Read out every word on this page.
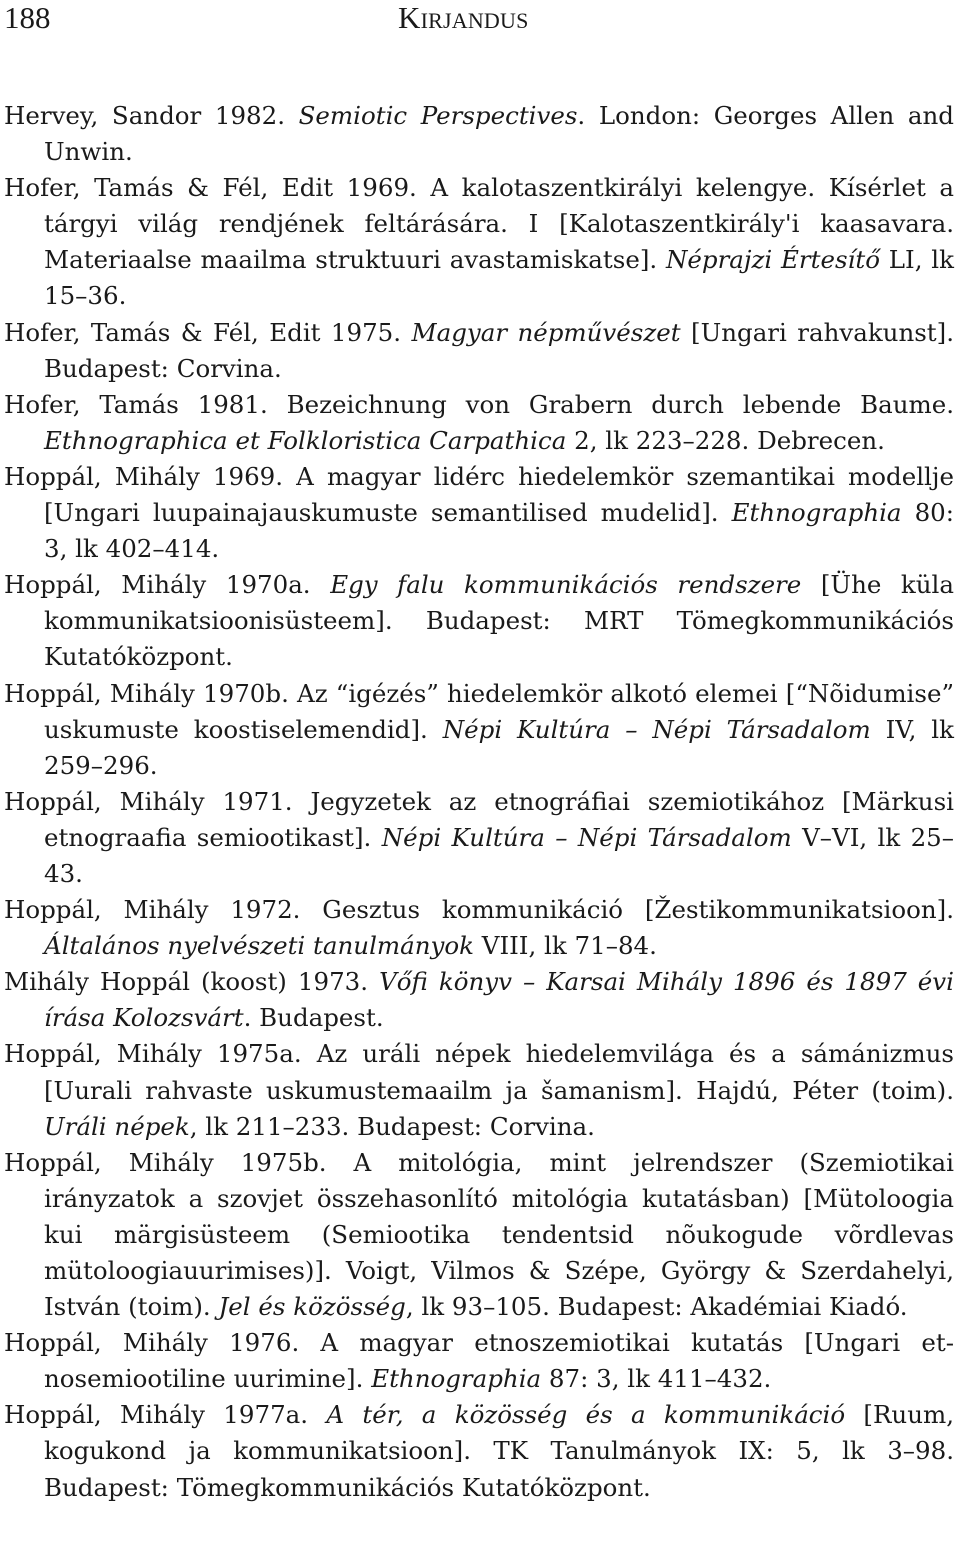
188	Kirjandus

Hervey, Sandor 1982. Semiotic Perspectives. London: Georges Allen and Unwin.

Hofer, Tamás & Fél, Edit 1969. A kalotaszentkirályi kelengye. Kísérlet a tárgyi világ rendjének feltárására. I [Kalotaszentkirály'i kaasavara. Materiaalse maailma struktuuri avastamiskatse]. Néprajzi Értesítő LI, lk 15–36.

Hofer, Tamás & Fél, Edit 1975. Magyar népművészet [Ungari rahvakunst]. Budapest: Corvina.

Hofer, Tamás 1981. Bezeichnung von Grabern durch lebende Baume. Ethnographica et Folkloristica Carpathica 2, lk 223–228. Debrecen.

Hoppál, Mihály 1969. A magyar lidérc hiedelemkör szemantikai modellje [Ungari luupainajauskumuste semantilised mudelid]. Ethnographia 80: 3, lk 402–414.

Hoppál, Mihály 1970a. Egy falu kommunikációs rendszere [Ühe küla kommunikatsioonisüsteem]. Budapest: MRT Tömegkommunikációs Kutatóközpont.

Hoppál, Mihály 1970b. Az “igézés” hiedelemkör alkotó elemei [“Nõidumise” uskumuste koostiselemendid]. Népi Kultúra – Népi Társadalom IV, lk 259–296.

Hoppál, Mihály 1971. Jegyzetek az etnográfiai szemiotikához [Märkusi etnograafia semiootikast]. Népi Kultúra – Népi Társadalom V–VI, lk 25–43.

Hoppál, Mihály 1972. Gesztus kommunikáció [Žestikommunikatsioon]. Általános nyelvészeti tanulmányok VIII, lk 71–84.

Mihály Hoppál (koost) 1973. Vőfi könyv – Karsai Mihály 1896 és 1897 évi írása Kolozsvárt. Budapest.

Hoppál, Mihály 1975a. Az uráli népek hiedelemvilága és a sámánizmus [Uurali rahvaste uskumustemaailm ja šamanism]. Hajdú, Péter (toim). Uráli népek, lk 211–233. Budapest: Corvina.

Hoppál, Mihály 1975b. A mitológia, mint jelrendszer (Szemiotikai irányzatok a szovjet összehasonlító mitológia kutatásban) [Mütoloogia kui märgisüsteem (Semiootika tendentsid nõukogude võrdlevas mütoloogiauurimises)]. Voigt, Vilmos & Szépe, György & Szerdahelyi, István (toim). Jel és közösség, lk 93–105. Budapest: Akadémiai Kiadó.

Hoppál, Mihály 1976. A magyar etnoszemiotikai kutatás [Ungari etnosemiootiline uurimine]. Ethnographia 87: 3, lk 411–432.

Hoppál, Mihály 1977a. A tér, a közösség és a kommunikáció [Ruum, kogukond ja kommunikatsioon]. TK Tanulmányok IX: 5, lk 3–98. Budapest: Tömegkommunikációs Kutatóközpont.
